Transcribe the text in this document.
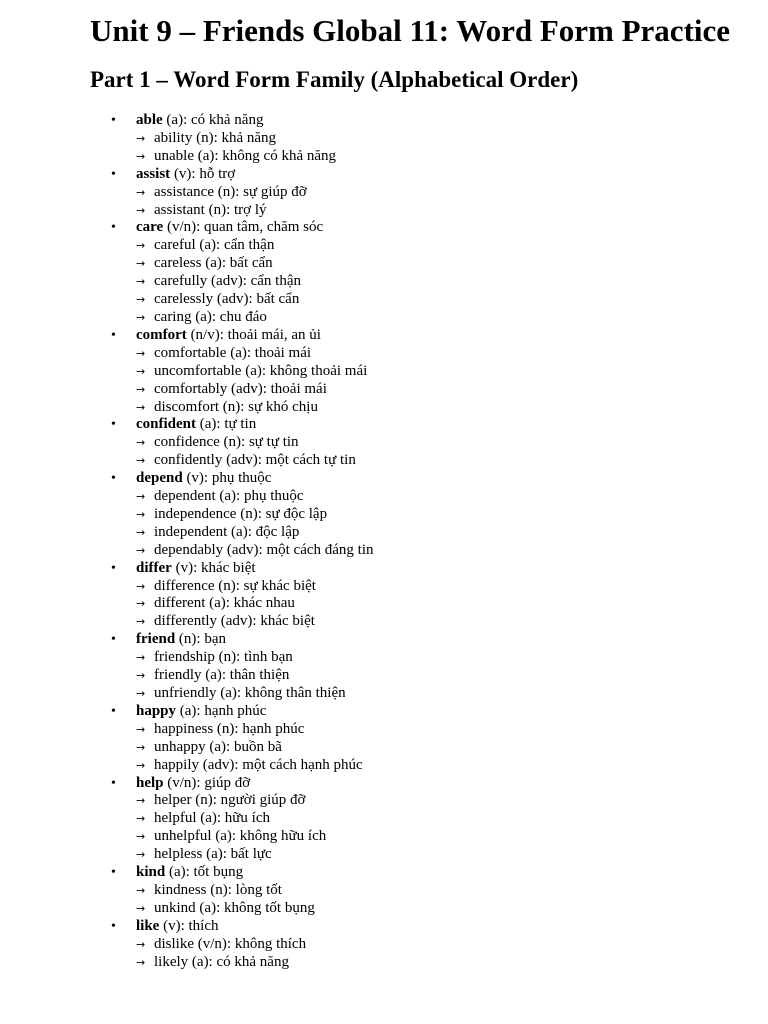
Unit 9 – Friends Global 11: Word Form Practice
Part 1 – Word Form Family (Alphabetical Order)
• able (a): có khả năng
→ ability (n): khả năng
→ unable (a): không có khả năng
• assist (v): hỗ trợ
→ assistance (n): sự giúp đỡ
→ assistant (n): trợ lý
• care (v/n): quan tâm, chăm sóc
→ careful (a): cẩn thận
→ careless (a): bất cẩn
→ carefully (adv): cẩn thận
→ carelessly (adv): bất cẩn
→ caring (a): chu đáo
• comfort (n/v): thoải mái, an ủi
→ comfortable (a): thoải mái
→ uncomfortable (a): không thoải mái
→ comfortably (adv): thoải mái
→ discomfort (n): sự khó chịu
• confident (a): tự tin
→ confidence (n): sự tự tin
→ confidently (adv): một cách tự tin
• depend (v): phụ thuộc
→ dependent (a): phụ thuộc
→ independence (n): sự độc lập
→ independent (a): độc lập
→ dependably (adv): một cách đáng tin
• differ (v): khác biệt
→ difference (n): sự khác biệt
→ different (a): khác nhau
→ differently (adv): khác biệt
• friend (n): bạn
→ friendship (n): tình bạn
→ friendly (a): thân thiện
→ unfriendly (a): không thân thiện
• happy (a): hạnh phúc
→ happiness (n): hạnh phúc
→ unhappy (a): buồn bã
→ happily (adv): một cách hạnh phúc
• help (v/n): giúp đỡ
→ helper (n): người giúp đỡ
→ helpful (a): hữu ích
→ unhelpful (a): không hữu ích
→ helpless (a): bất lực
• kind (a): tốt bụng
→ kindness (n): lòng tốt
→ unkind (a): không tốt bụng
• like (v): thích
→ dislike (v/n): không thích
→ likely (a): có khả năng
